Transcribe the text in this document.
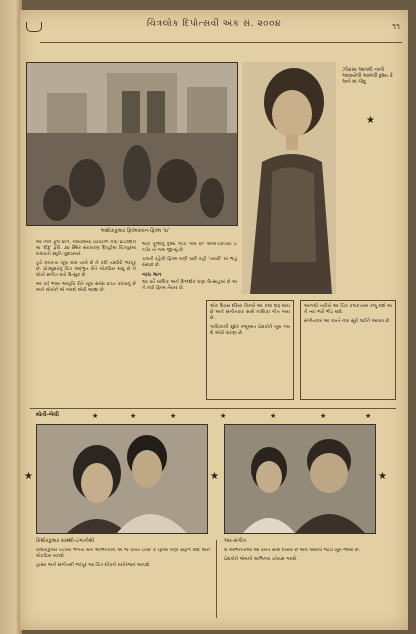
ચિત્રલોક દિપોત્સવી અંક સં. ૨૦૦૪	૧૧
અશોકકુમાર ફિલ્મસ્તાન-ફિલ્મ 'સ'
ઝીરાસા આગલી નાની આવાયેલી આગલી દૃશ્ય કે અને માં જેવું
★

આ ગિન ફૂલ ૬૯૧, નોબાલિયા ઇંટરટોળ નવા પ્રોડક્શનમાં 'દીદું' ફરી. ૭૪ સ્થિર સરકારણ દિલ્હીમાં ચિત્રપુરમાં બંધાવતી સ્મૃતિ ખુશખબર.

હવે કલકત્તા ખૂબ કામ ચાલે છે ને કદી તસ્વીરો ભરપૂર છે. પ્રોડ્યૂસરનું ચિત્ર અદ્ભુત રીતે લોકપ્રિય થયું છે ને લોકો સંગીત માટે ઉત્સુક છે.

આ વર્ષ ભવ્ય આવૃત્તિ રીતે ખૂબ સરસ પ્રાપ્ત કરવાનું છે અને લોકોને એ ગમશે એવી આશા છે.

એક પૂજાનું દૃશ્ય ગાડી ગામ છે! ઓલ-ઇન્ડિયા ઇન્ડોર તો ગામ જીત્યું છે.

ચલતી રહેલી ફિલ્મ ઘણી પછી કહી 'તમારી' માં ભાડું રસપ્રદ છે.

નાચ ગાન

આ વર્ષે માલિક અને દિગ્દર્શક ઘણા ઉત્સાહમાં છે અને નવી ફિલ્મ તૈયાર છે.

એક દિવસ દરિયા કિનારે આ કથા શરૂ થાય છે અને સંગીતકાર સાથે નાયિકા ગીત ગાય છે.

ગાયિકાની સુંદર રજૂઆત પ્રેક્ષકોને ખૂબ ગમશે એવી ધારણા છે.

આગલી તારીખે આ ચિત્ર કલકત્તામાં રજૂ થશે અને ત્યાં ભારે ભીડ થશે.

સંગીતકાર આ વખતે નવા સૂરો લઈને આવ્યા છે.

મોતી-બેલી	★	★	★	★	★	★	★
★	★	★
કિશોરકુમાર સાથ્થી-ઇંગાનીથી	અર-સંગીત

કિશોરકુમાર ચિત્રમાં ભગતા મને અભિનેત્રીને એ જ વખતે ઇચ્છે કે ફિલ્મ ઘણી સફળ થશે અને લોકપ્રિય બનશે.

હાસ્ય અને સંગીતથી ભરપૂર આ ચિત્ર દરેકને મનોરંજન આપશે.

બે અભિનેતાઓ આ વખતે સાથે દેખાય છે અને એમની જોડી ખૂબ જામી છે.

પ્રેક્ષકોને એમનો અભિનય ચોક્કસ ગમશે.
